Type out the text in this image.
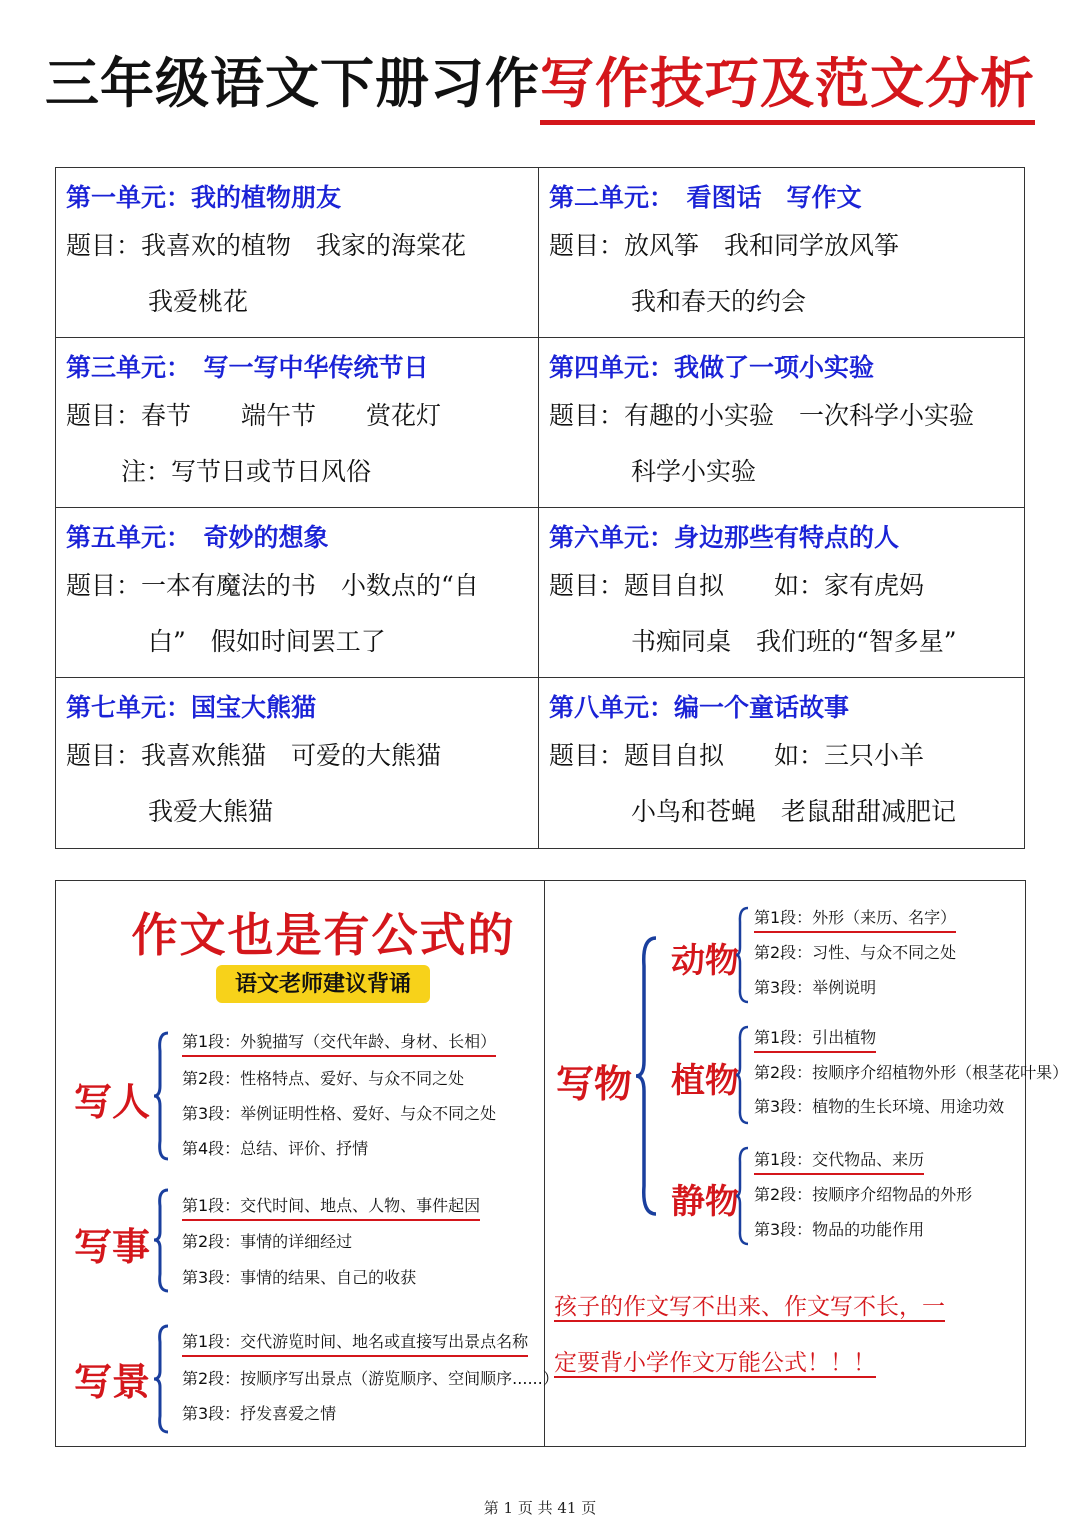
三年级语文下册习作写作技巧及范文分析
第一单元：我的植物朋友
题目：我喜欢的植物　我家的海棠花
我爱桃花
第二单元：　看图话　写作文
题目：放风筝　我和同学放风筝
我和春天的约会
第三单元：　写一写中华传统节日
题目：春节　　端午节　　赏花灯
注：写节日或节日风俗
第四单元：我做了一项小实验
题目：有趣的小实验　一次科学小实验
科学小实验
第五单元：　奇妙的想象
题目：一本有魔法的书　小数点的“自
白”　假如时间罢工了
第六单元：身边那些有特点的人
题目：题目自拟　　如：家有虎妈
书痴同桌　我们班的“智多星”
第七单元：国宝大熊猫
题目：我喜欢熊猫　可爱的大熊猫
我爱大熊猫
第八单元：编一个童话故事
题目：题目自拟　　如：三只小羊
小鸟和苍蝇　老鼠甜甜减肥记
作文也是有公式的
语文老师建议背诵
写人
第1段：外貌描写（交代年龄、身材、长相）
第2段：性格特点、爱好、与众不同之处
第3段：举例证明性格、爱好、与众不同之处
第4段：总结、评价、抒情
写事
第1段：交代时间、地点、人物、事件起因
第2段：事情的详细经过
第3段：事情的结果、自己的收获
写景
第1段：交代游览时间、地名或直接写出景点名称
第2段：按顺序写出景点（游览顺序、空间顺序......）
第3段：抒发喜爱之情
写物
动物
第1段：外形（来历、名字）
第2段：习性、与众不同之处
第3段：举例说明
植物
第1段：引出植物
第2段：按顺序介绍植物外形（根茎花叶果）
第3段：植物的生长环境、用途功效
静物
第1段：交代物品、来历
第2段：按顺序介绍物品的外形
第3段：物品的功能作用
孩子的作文写不出来、作文写不长，一
定要背小学作文万能公式！！！
第 1 页 共 41 页
